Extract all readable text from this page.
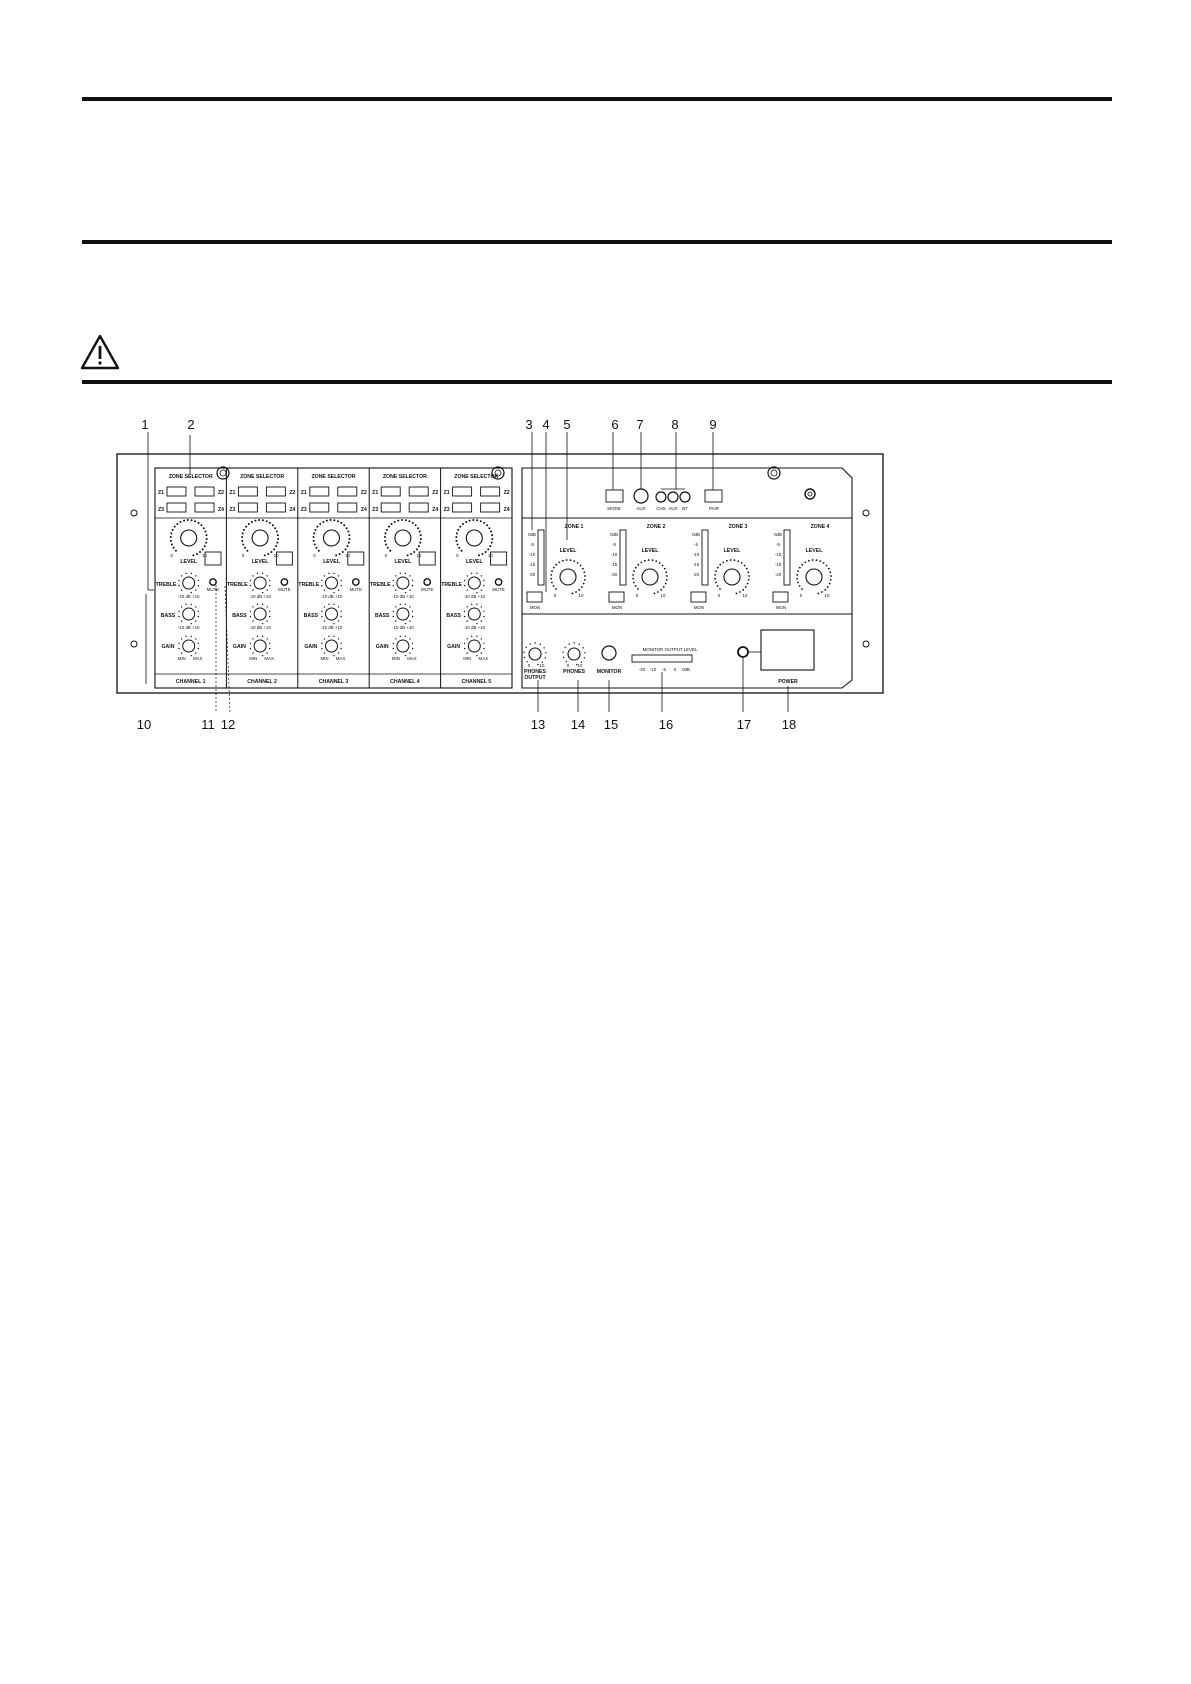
ZONE SELECTOR
Z1	Z2
Z3	Z4
0
LEVEL
10
MUTE
TREBLE
-10 dB +10
BASS
-10 dB +10
GAIN
MIN MAX
CHANNEL 1
ZONE SELECTOR
Z1	Z2
Z3	Z4
0
LEVEL
10
MUTE
TREBLE
-10 dB +10
BASS
-10 dB +10
GAIN
MIN MAX
CHANNEL 2
ZONE SELECTOR
Z1	Z2
Z3	Z4
0
LEVEL
10
MUTE
TREBLE
-10 dB +10
BASS
-10 dB +10
GAIN
MIN MAX
CHANNEL 3
ZONE SELECTOR
Z1	Z2
Z3	Z4
0
LEVEL
10
MUTE
TREBLE
-10 dB +10
BASS
-10 dB +10
GAIN
MIN MAX
CHANNEL 4
ZONE SELECTOR
Z1	Z2
Z3	Z4
0
LEVEL
10
MUTE
TREBLE
-10 dB +10
BASS
-10 dB +10
GAIN
MIN MAX
CHANNEL 5
MODE	AUX CHS AUX BT	PAIR
0dB
-5
-10
-15
-20
ZONE 1
LEVEL
0	10
MON
0dB
-5
-10
-15
-20
ZONE 2
LEVEL
0	10
MON
0dB
-5
-10
-15
-20
ZONE 3
LEVEL
0	10
MON
0dB
-5
-10
-15
-20
ZONE 4
LEVEL
0	10
MON
0 10
PHONES
OUTPUT
0 10
PHONES MONITOR
MONITOR OUTPUT LEVEL
-20 -10 -5 0 0dB
POWER
1	2	3 4 5	6 7 8 9
10	11 12	13 14 15	16	17 18
